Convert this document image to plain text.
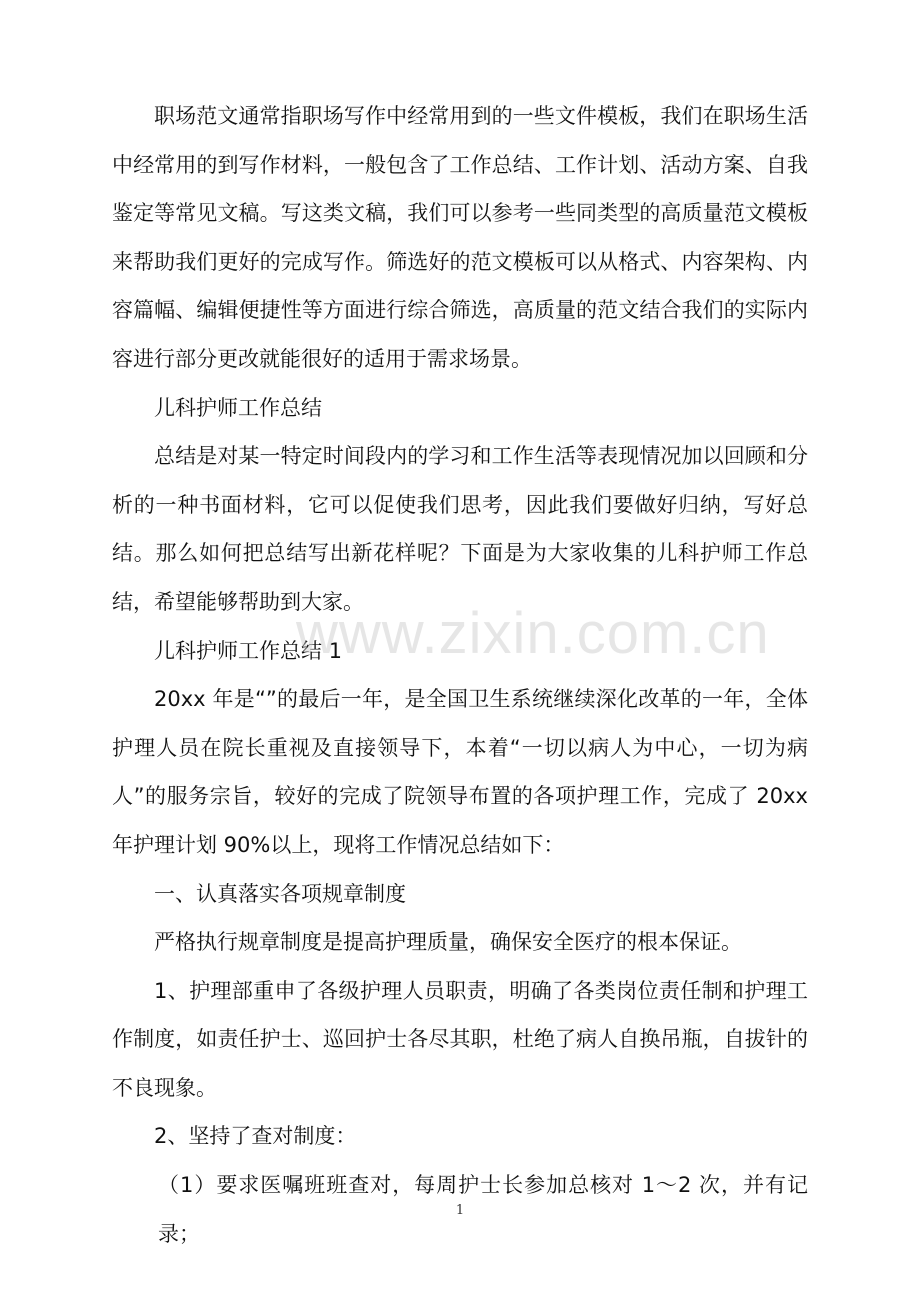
职场范文通常指职场写作中经常用到的一些文件模板，我们在职场生活中经常用的到写作材料，一般包含了工作总结、工作计划、活动方案、自我鉴定等常见文稿。写这类文稿，我们可以参考一些同类型的高质量范文模板来帮助我们更好的完成写作。筛选好的范文模板可以从格式、内容架构、内容篇幅、编辑便捷性等方面进行综合筛选，高质量的范文结合我们的实际内容进行部分更改就能很好的适用于需求场景。

儿科护师工作总结

总结是对某一特定时间段内的学习和工作生活等表现情况加以回顾和分析的一种书面材料，它可以促使我们思考，因此我们要做好归纳，写好总结。那么如何把总结写出新花样呢？下面是为大家收集的儿科护师工作总结，希望能够帮助到大家。

儿科护师工作总结 1

20xx 年是“”的最后一年，是全国卫生系统继续深化改革的一年，全体护理人员在院长重视及直接领导下，本着“一切以病人为中心，一切为病人”的服务宗旨，较好的完成了院领导布置的各项护理工作，完成了 20xx 年护理计划 90%以上，现将工作情况总结如下：

一、认真落实各项规章制度

严格执行规章制度是提高护理质量，确保安全医疗的根本保证。

1、护理部重申了各级护理人员职责，明确了各类岗位责任制和护理工作制度，如责任护士、巡回护士各尽其职，杜绝了病人自换吊瓶，自拔针的不良现象。

2、坚持了查对制度：

（1）要求医嘱班班查对，每周护士长参加总核对 1～2 次，并有记录；

www.zixin.com.cn
1
